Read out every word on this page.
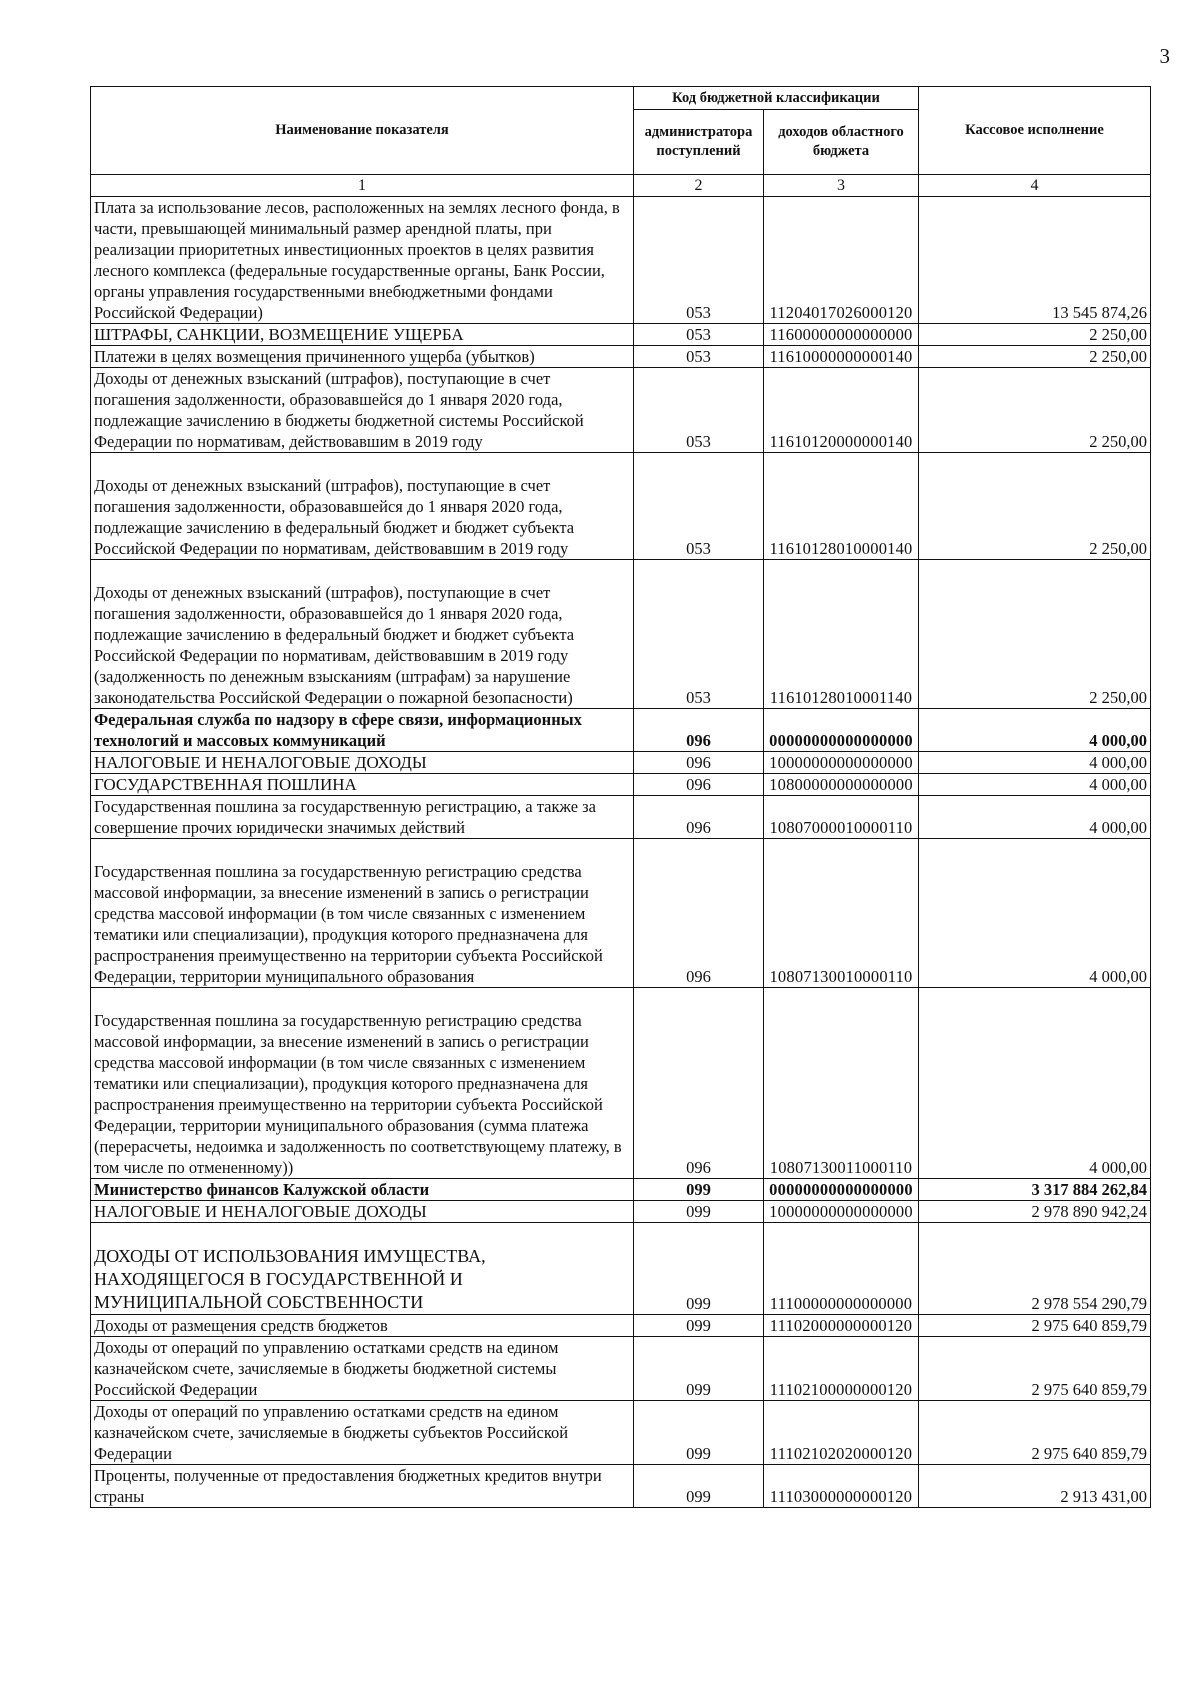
3
Наименование показателя	Код бюджетной классификации		Кассовое исполнение
	администратора поступлений	доходов областного бюджета	
1	2	3	4
Плата за использование лесов, расположенных на землях лесного фонда, в части, превышающей минимальный размер арендной платы, при реализации приоритетных инвестиционных проектов в целях развития лесного комплекса (федеральные государственные органы, Банк России, органы управления государственными внебюджетными фондами Российской Федерации)	053	11204017026000120	13 545 874,26
ШТРАФЫ, САНКЦИИ, ВОЗМЕЩЕНИЕ УЩЕРБА	053	11600000000000000	2 250,00
Платежи в целях возмещения причиненного ущерба (убытков)	053	11610000000000140	2 250,00
Доходы от денежных взысканий (штрафов), поступающие в счет погашения задолженности, образовавшейся до 1 января 2020 года, подлежащие зачислению в бюджеты бюджетной системы Российской Федерации по нормативам, действовавшим в 2019 году	053	11610120000000140	2 250,00
Доходы от денежных взысканий (штрафов), поступающие в счет погашения задолженности, образовавшейся до 1 января 2020 года, подлежащие зачислению в федеральный бюджет и бюджет субъекта Российской Федерации по нормативам, действовавшим в 2019 году	053	11610128010000140	2 250,00
Доходы от денежных взысканий (штрафов), поступающие в счет погашения задолженности, образовавшейся до 1 января 2020 года, подлежащие зачислению в федеральный бюджет и бюджет субъекта Российской Федерации по нормативам, действовавшим в 2019 году (задолженность по денежным взысканиям (штрафам) за нарушение законодательства Российской Федерации о пожарной безопасности)	053	11610128010001140	2 250,00
Федеральная служба по надзору в сфере связи, информационных технологий и массовых коммуникаций	096	00000000000000000	4 000,00
НАЛОГОВЫЕ И НЕНАЛОГОВЫЕ ДОХОДЫ	096	10000000000000000	4 000,00
ГОСУДАРСТВЕННАЯ ПОШЛИНА	096	10800000000000000	4 000,00
Государственная пошлина за государственную регистрацию, а также за совершение прочих юридически значимых действий	096	10807000010000110	4 000,00
Государственная пошлина за государственную регистрацию средства массовой информации, за внесение изменений в запись о регистрации средства массовой информации (в том числе связанных с изменением тематики или специализации), продукция которого предназначена для распространения преимущественно на территории субъекта Российской Федерации, территории муниципального образования	096	10807130010000110	4 000,00
Государственная пошлина за государственную регистрацию средства массовой информации, за внесение изменений в запись о регистрации средства массовой информации (в том числе связанных с изменением тематики или специализации), продукция которого предназначена для распространения преимущественно на территории субъекта Российской Федерации, территории муниципального образования (сумма платежа (перерасчеты, недоимка и задолженность по соответствующему платежу, в том числе по отмененному))	096	10807130011000110	4 000,00
Министерство финансов Калужской области	099	00000000000000000	3 317 884 262,84
НАЛОГОВЫЕ И НЕНАЛОГОВЫЕ ДОХОДЫ	099	10000000000000000	2 978 890 942,24
ДОХОДЫ ОТ ИСПОЛЬЗОВАНИЯ ИМУЩЕСТВА, НАХОДЯЩЕГОСЯ В ГОСУДАРСТВЕННОЙ И МУНИЦИПАЛЬНОЙ СОБСТВЕННОСТИ	099	11100000000000000	2 978 554 290,79
Доходы от размещения средств бюджетов	099	11102000000000120	2 975 640 859,79
Доходы от операций по управлению остатками средств на едином казначейском счете, зачисляемые в бюджеты бюджетной системы Российской Федерации	099	11102100000000120	2 975 640 859,79
Доходы от операций по управлению остатками средств на едином казначейском счете, зачисляемые в бюджеты субъектов Российской Федерации	099	11102102020000120	2 975 640 859,79
Проценты, полученные от предоставления бюджетных кредитов внутри страны	099	11103000000000120	2 913 431,00
